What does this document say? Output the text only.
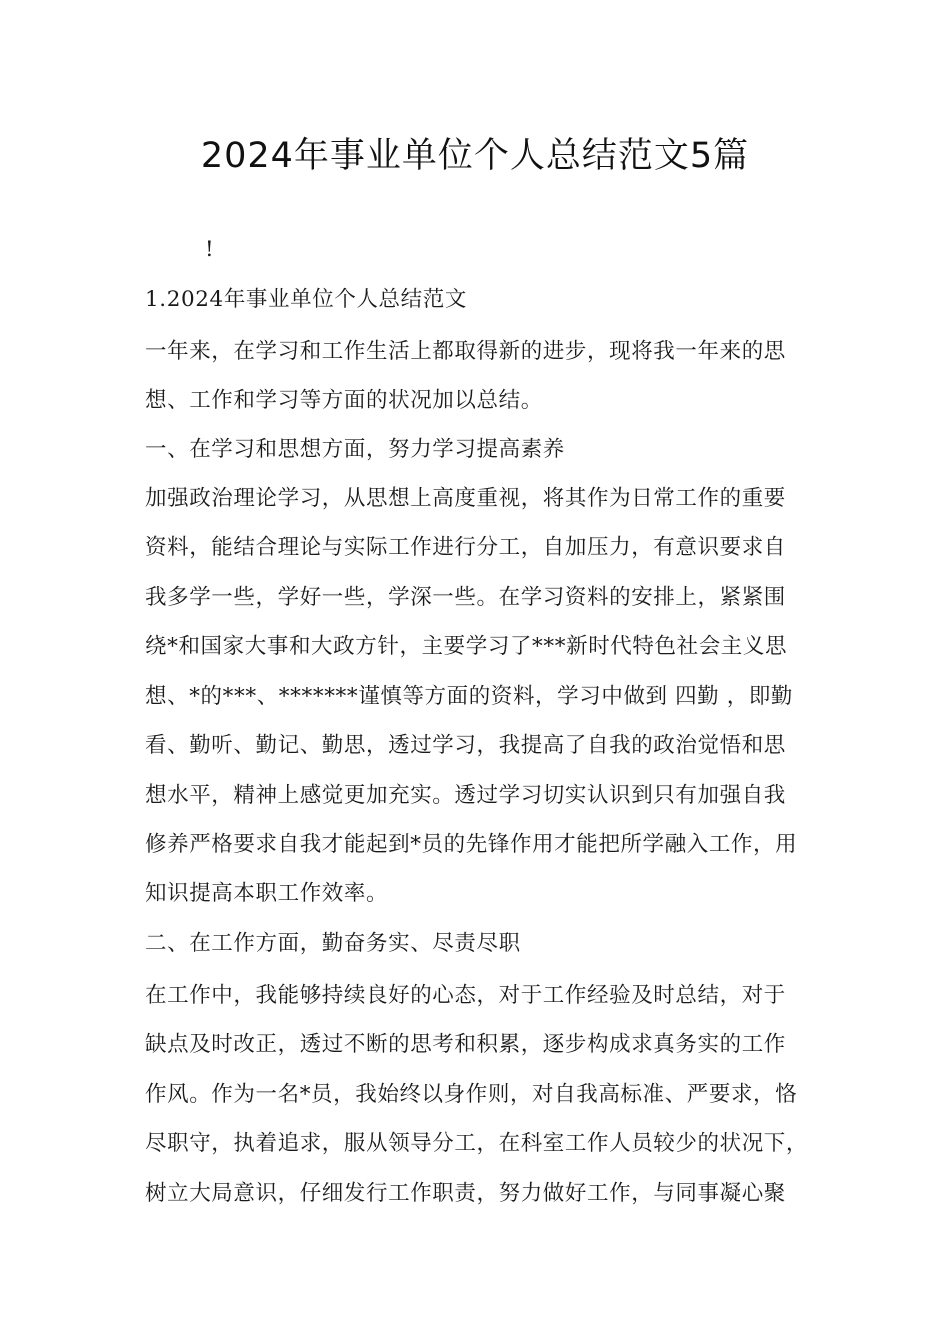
2024年事业单位个人总结范文5篇
!
1.2024年事业单位个人总结范文
一年来，在学习和工作生活上都取得新的进步，现将我一年来的思
想、工作和学习等方面的状况加以总结。
一、在学习和思想方面，努力学习提高素养
加强政治理论学习，从思想上高度重视，将其作为日常工作的重要
资料，能结合理论与实际工作进行分工，自加压力，有意识要求自
我多学一些，学好一些，学深一些。在学习资料的安排上，紧紧围
绕*和国家大事和大政方针，主要学习了***新时代特色社会主义思
想、*的***、*******谨慎等方面的资料，学习中做到 四勤 ，即勤
看、勤听、勤记、勤思，透过学习，我提高了自我的政治觉悟和思
想水平，精神上感觉更加充实。透过学习切实认识到只有加强自我
修养严格要求自我才能起到*员的先锋作用才能把所学融入工作，用
知识提高本职工作效率。
二、在工作方面，勤奋务实、尽责尽职
在工作中，我能够持续良好的心态，对于工作经验及时总结，对于
缺点及时改正，透过不断的思考和积累，逐步构成求真务实的工作
作风。作为一名*员，我始终以身作则，对自我高标准、严要求，恪
尽职守，执着追求，服从领导分工，在科室工作人员较少的状况下，
树立大局意识，仔细发行工作职责，努力做好工作，与同事凝心聚
